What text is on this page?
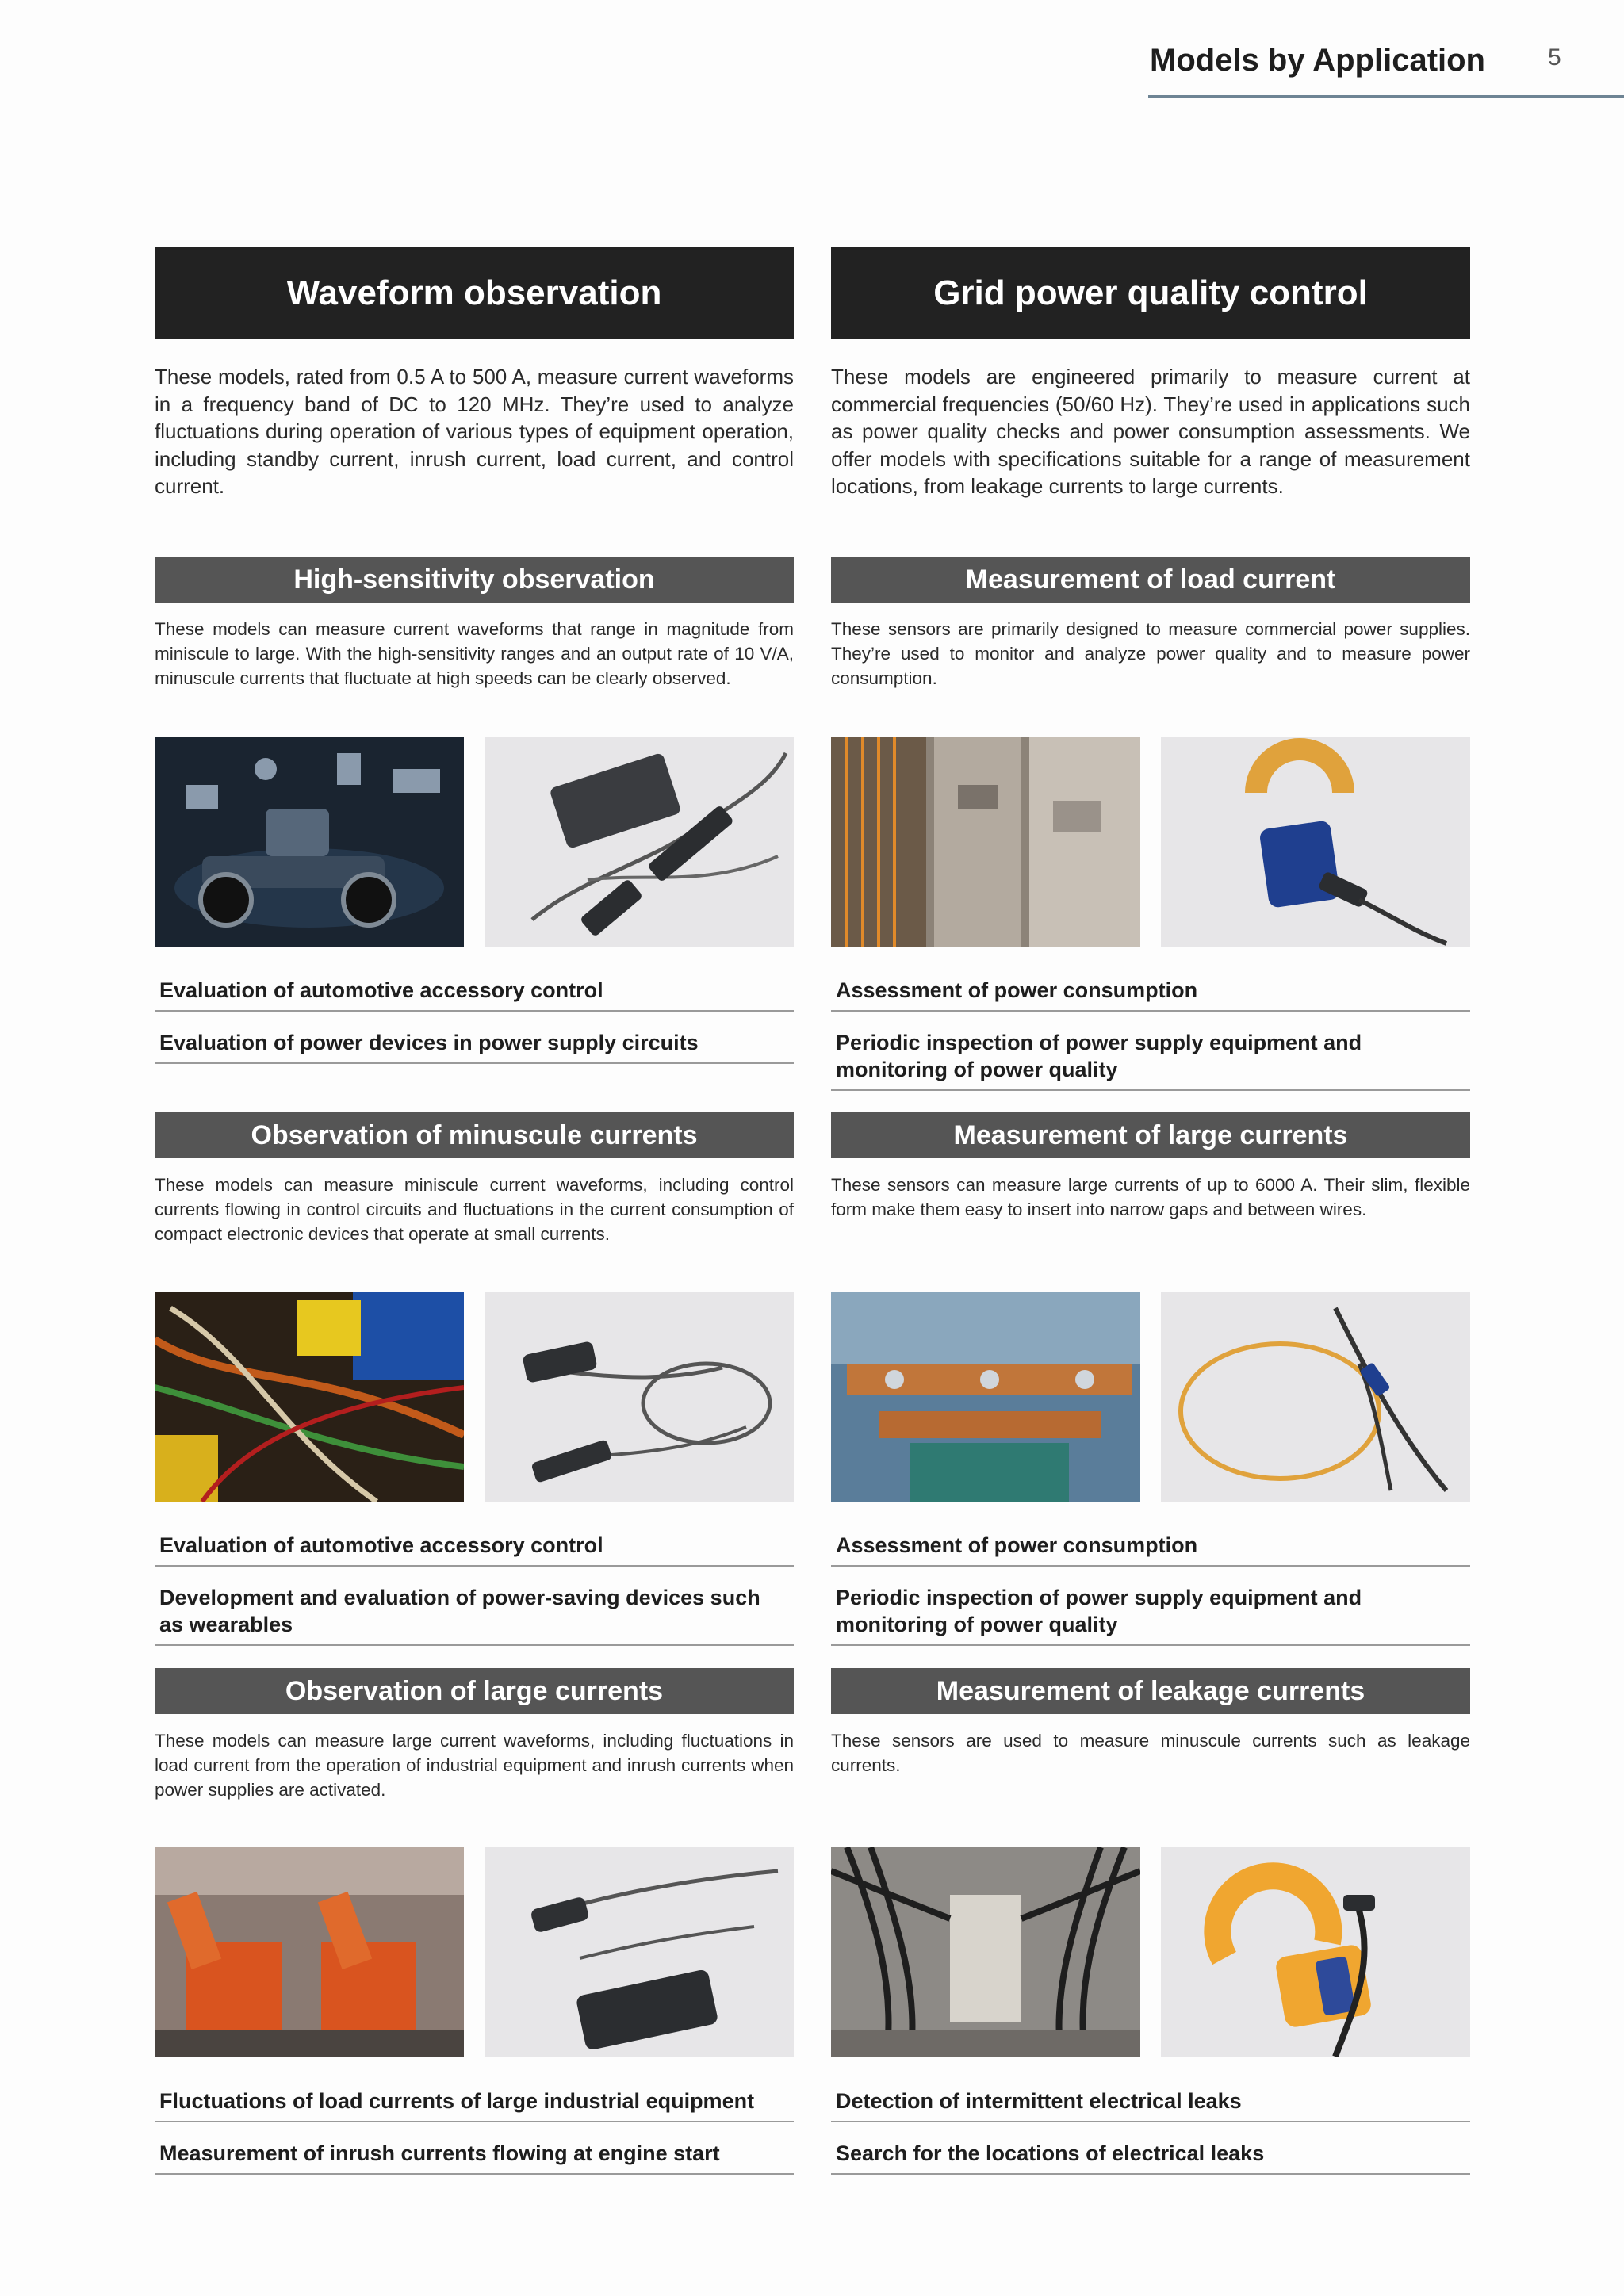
Models by Application	5
Waveform observation
These models, rated from 0.5 A to 500 A, measure current waveforms in a frequency band of DC to 120 MHz. They’re used to analyze fluctuations during operation of various types of equipment operation, including standby current, inrush current, load current, and control current.
High-sensitivity observation
These models can measure current waveforms that range in magnitude from miniscule to large. With the high-sensitivity ranges and an output rate of 10 V/A, minuscule currents that fluctuate at high speeds can be clearly observed.
Evaluation of automotive accessory control
Evaluation of power devices in power supply circuits
Observation of minuscule currents
These models can measure miniscule current waveforms, including control currents flowing in control circuits and fluctuations in the current consumption of compact electronic devices that operate at small currents.
Evaluation of automotive accessory control
Development and evaluation of power-saving devices such as wearables
Observation of large currents
These models can measure large current waveforms, including fluctuations in load current from the operation of industrial equipment and inrush currents when power supplies are activated.
Fluctuations of load currents of large industrial equipment
Measurement of inrush currents flowing at engine start
Grid power quality control
These models are engineered primarily to measure current at commercial frequencies (50/60 Hz). They’re used in applications such as power quality checks and power consumption assessments. We offer models with specifications suitable for a range of measurement locations, from leakage currents to large currents.
Measurement of load current
These sensors are primarily designed to measure commercial power supplies. They’re used to monitor and analyze power quality and to measure power consumption.
Assessment of power consumption
Periodic inspection of power supply equipment and monitoring of power quality
Measurement of large currents
These sensors can measure large currents of up to 6000 A. Their slim, flexible form make them easy to insert into narrow gaps and between wires.
Assessment of power consumption
Periodic inspection of power supply equipment and monitoring of power quality
Measurement of leakage currents
These sensors are used to measure minuscule currents such as leakage currents.
Detection of intermittent electrical leaks
Search for the locations of electrical leaks
